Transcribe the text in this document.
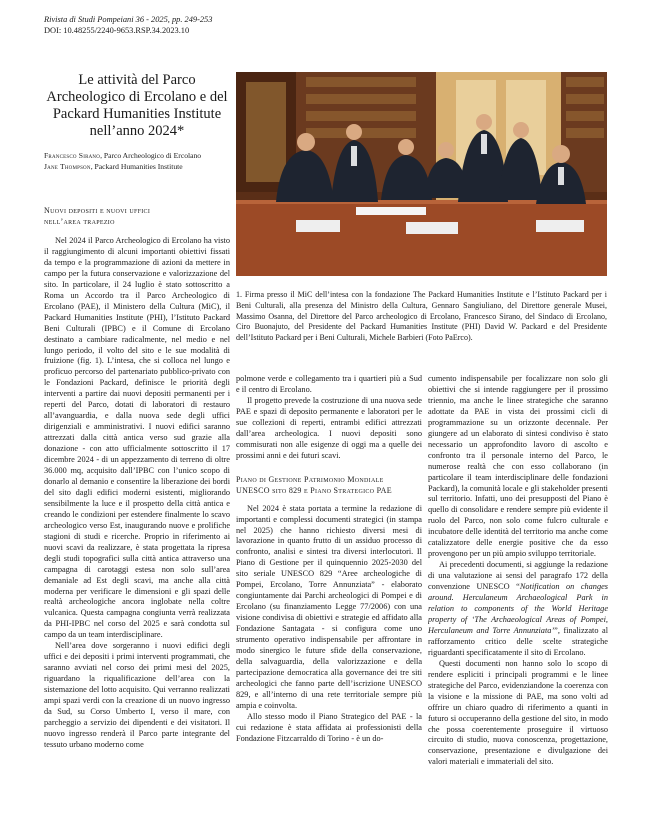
Rivista di Studi Pompeiani 36 - 2025, pp. 249-253
DOI: 10.48255/2240-9653.RSP.34.2023.10
Le attività del Parco Archeologico di Ercolano e del Packard Humanities Institute nell’anno 2024*
Francesco Sirano, Parco Archeologico di Ercolano
Jane Thompson, Packard Humanities Institute
Nuovi depositi e nuovi uffici
nell’area trapezio

Nel 2024 il Parco Archeologico di Ercolano ha visto il raggiungimento di alcuni importanti obiettivi fissati da tempo e la programmazione di azioni da mettere in campo per la futura conservazione e valorizzazione del sito. In particolare, il 24 luglio è stato sottoscritto a Roma un Accordo tra il Parco Archeologico di Ercolano (PAE), il Ministero della Cultura (MiC), il Packard Humanities Institute (PHI), l’Istituto Packard Beni Culturali (IPBC) e il Comune di Ercolano destinato a cambiare radicalmente, nel medio e nel lungo periodo, il volto del sito e le sue modalità di fruizione (fig. 1). L’intesa, che si colloca nel lungo e proficuo percorso del partenariato pubblico-privato con le Fondazioni Packard, definisce le priorità degli interventi a partire dai nuovi depositi permanenti per i reperti del Parco, dotati di laboratori di restauro all’avanguardia, e dalla nuova sede degli uffici dirigenziali e amministrativi. I nuovi edifici saranno attrezzati dalla città antica verso sud grazie alla donazione - con atto ufficialmente sottoscritto il 17 dicembre 2024 - di un appezzamento di terreno di oltre 36.000 mq, acquisito dall’IPBC con l’unico scopo di donarlo al demanio e consentire la liberazione dei bordi del sito dagli edifici moderni esistenti, migliorando sensibilmente la luce e il prospetto della città antica e creando le condizioni per estendere finalmente lo scavo archeologico verso Est, inaugurando nuove e prolifiche stagioni di studi e ricerche. Proprio in riferimento ai nuovi scavi da realizzare, è stata progettata la ripresa degli studi topografici sulla città antica attraverso una campagna di carotaggi estesa non solo sull’area demaniale ad Est degli scavi, ma anche alla città moderna per verificare le dimensioni e gli spazi delle realtà archeologiche ancora inglobate nella coltre vulcanica. Questa campagna congiunta verrà realizzata da PHI-IPBC nel corso del 2025 e sarà condotta sul campo da un team interdisciplinare.

Nell’area dove sorgeranno i nuovi edifici degli uffici e dei depositi i primi interventi programmati, che saranno avviati nel corso dei primi mesi del 2025, riguardano la riqualificazione dell’area con la sistemazione del lotto acquisito. Qui verranno realizzati ampi spazi verdi con la creazione di un nuovo ingresso da Sud, su Corso Umberto I, verso il mare, con parcheggio a servizio dei dipendenti e dei visitatori. Il nuovo ingresso renderà il Parco parte integrante del tessuto urbano moderno come

1. Firma presso il MiC dell’intesa con la fondazione The Packard Humanities Institute e l’Istituto Packard per i Beni Culturali, alla presenza del Ministro della Cultura, Gennaro Sangiuliano, del Direttore generale Musei, Massimo Osanna, del Direttore del Parco archeologico di Ercolano, Francesco Sirano, del Sindaco di Ercolano, Ciro Buonajuto, del Presidente del Packard Humanities Institute (PHI) David W. Packard e del Presidente dell’Istituto Packard per i Beni Culturali, Michele Barbieri (Foto PaErco).

polmone verde e collegamento tra i quartieri più a Sud e il centro di Ercolano.

Il progetto prevede la costruzione di una nuova sede PAE e spazi di deposito permanente e laboratori per le sue collezioni di reperti, entrambi edifici attrezzati dall’area archeologica. I nuovi depositi sono commisurati non alle esigenze di oggi ma a quelle dei prossimi anni e dei futuri scavi.

Piano di Gestione Patrimonio Mondiale
UNESCO sito 829 e Piano Strategico PAE

Nel 2024 è stata portata a termine la redazione di importanti e complessi documenti strategici (in stampa nel 2025) che hanno richiesto diversi mesi di lavorazione in quanto frutto di un assiduo processo di confronto, analisi e sintesi tra diversi interlocutori. Il Piano di Gestione per il quinquennio 2025-2030 del sito seriale UNESCO 829 “Aree archeologiche di Pompei, Ercolano, Torre Annunziata” - elaborato congiuntamente dai Parchi archeologici di Pompei e di Ercolano (su finanziamento Legge 77/2006) con una visione condivisa di obiettivi e strategie ed affidato alla Fondazione Santagata - si configura come uno strumento operativo indispensabile per affrontare in modo sinergico le future sfide della conservazione, della salvaguardia, della valorizzazione e della partecipazione democratica alla governance dei tre siti archeologici che fanno parte dell’iscrizione UNESCO 829, e all’interno di una rete territoriale sempre più ampia e coinvolta.

Allo stesso modo il Piano Strategico del PAE - la cui redazione è stata affidata ai professionisti della Fondazione Fitzcarraldo di Torino - è un do-

cumento indispensabile per focalizzare non solo gli obiettivi che si intende raggiungere per il prossimo triennio, ma anche le linee strategiche che saranno adottate da PAE in vista dei prossimi cicli di programmazione su un orizzonte decennale. Per giungere ad un elaborato di sintesi condiviso è stato necessario un approfondito lavoro di ascolto e confronto tra il personale interno del Parco, le numerose realtà che con esso collaborano (in particolare il team interdisciplinare delle fondazioni Packard), la comunità locale e gli stakeholder presenti sul territorio. Infatti, uno dei presupposti del Piano è quello di consolidare e rendere sempre più evidente il ruolo del Parco, non solo come fulcro culturale e incubatore delle identità del territorio ma anche come catalizzatore delle energie positive che da esso provengono per un più ampio sviluppo territoriale.

Ai precedenti documenti, si aggiunge la redazione di una valutazione ai sensi del paragrafo 172 della convenzione UNESCO “Notification on changes around. Herculaneum Archaeological Park in relation to components of the World Heritage property of ‘The Archaeological Areas of Pompei, Herculaneum and Torre Annunziata’”, finalizzato al rafforzamento critico delle scelte strategiche riguardanti specificatamente il sito di Ercolano.

Questi documenti non hanno solo lo scopo di rendere espliciti i principali programmi e le linee strategiche del Parco, evidenziandone la coerenza con la visione e la missione di PAE, ma sono volti ad offrire un chiaro quadro di riferimento a quanti in futuro si occuperanno della gestione del sito, in modo che possa coerentemente proseguire il virtuoso circuito di studio, nuova conoscenza, progettazione, conservazione, presentazione e divulgazione dei valori materiali e immateriali del sito.
